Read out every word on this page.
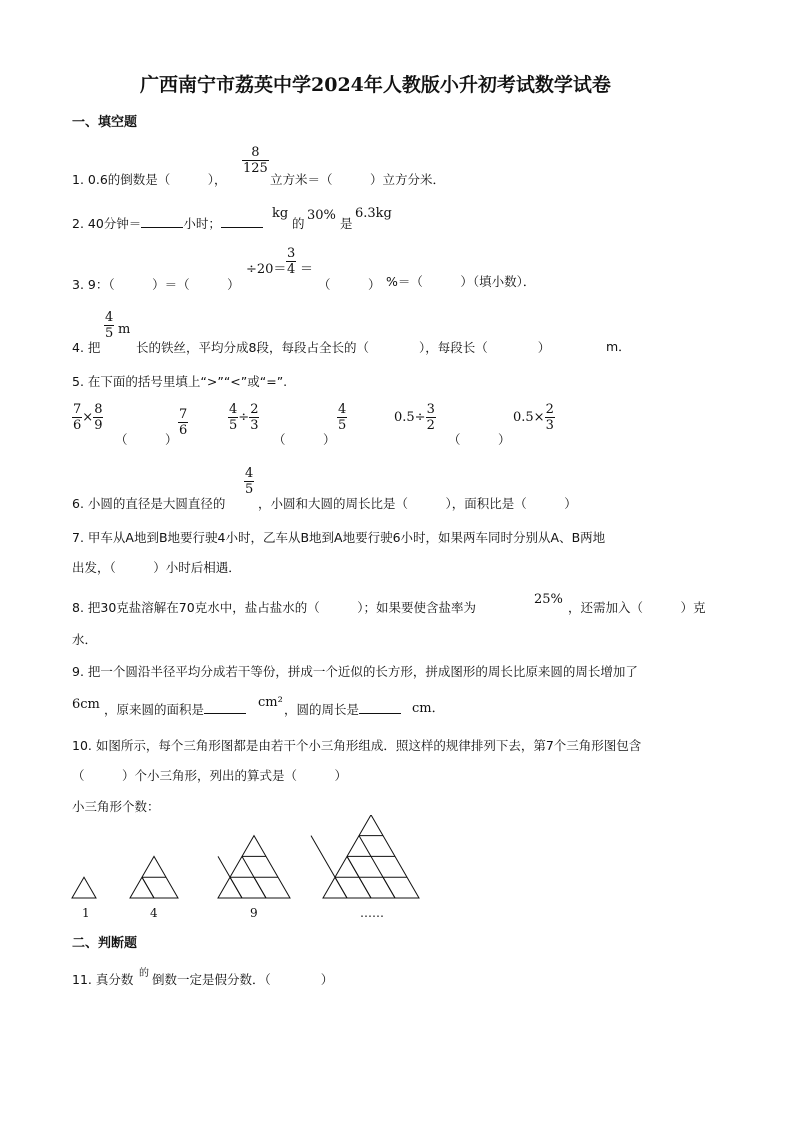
广西南宁市荔英中学2024年人教版小升初考试数学试卷
一、填空题
1. 0.6的倒数是（　　　），
$\frac{8}{125}$
立方米＝（　　　）立方分米．
2. 40分钟＝	小时；
kg
的
30%
是
6.3kg
3. 9：（　　　）＝（　　　）
$\div 20= \frac{3}{4}$ ＝
（　　　） %＝（　　　）（填小数）．
4. 把
$\frac{4}{5}$ m
长的铁丝，平均分成8段，每段占全长的（　　　　），每段长（　　　　）	m．
5. 在下面的括号里填上“>”“<”或“=”.
$\frac{7}{6} \times \frac{8}{9}$
（　　　）
$\frac{7}{6}$	$\frac{4}{5} \div \frac{2}{3}$
（　　　）
$\frac{4}{5}$	$0.5\div \frac{3}{2}$
（　　　）
$0.5\times \frac{2}{3}$
6. 小圆的直径是大圆直径的
$\frac{4}{5}$
，小圆和大圆的周长比是（　　　），面积比是（　　　）
7. 甲车从A地到B地要行驶4小时，乙车从B地到A地要行驶6小时，如果两车同时分别从A、B两地
出发，（　　　）小时后相遇．
8. 把30克盐溶解在70克水中，盐占盐水的（　　　）；如果要使含盐率为
25%
，还需加入（　　　）克
水．
9. 把一个圆沿半径平均分成若干等份，拼成一个近似的长方形，拼成图形的周长比原来圆的周长增加了
6cm ，原来圆的面积是	cm² ，圆的周长是	cm．
10. 如图所示，每个三角形图都是由若干个小三角形组成．照这样的规律排列下去，第7个三角形图包含
（　　　）个小三角形，列出的算式是（　　　）
小三角形个数：
1	4	9	……
二、判断题
11. 真分数 的 倒数一定是假分数．（　　　　）
